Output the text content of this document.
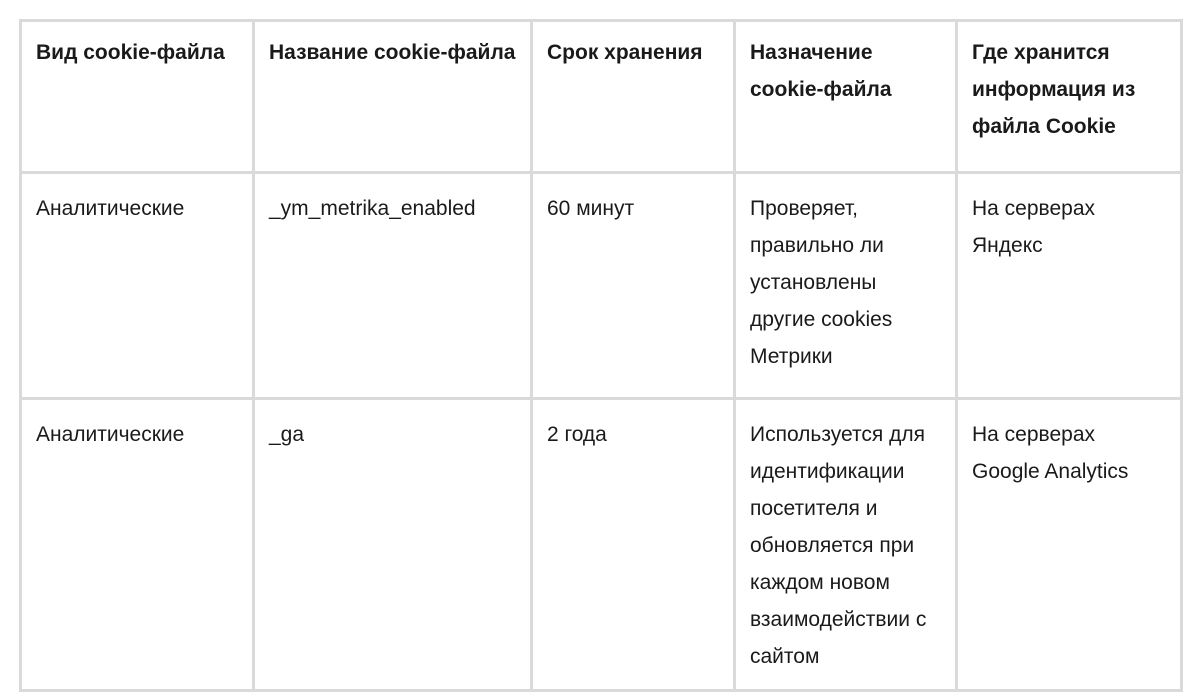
Вид cookie-файла	Название cookie-файла	Срок хранения	Назначение cookie-файла	Где хранится информация из файла Cookie
Аналитические	_ym_metrika_enabled	60 минут	Проверяет, правильно ли установлены другие cookies Метрики	На серверах Яндекс
Аналитические	_ga	2 года	Используется для идентификации посетителя и обновляется при каждом новом взаимодействии с сайтом	На серверах Google Analytics
